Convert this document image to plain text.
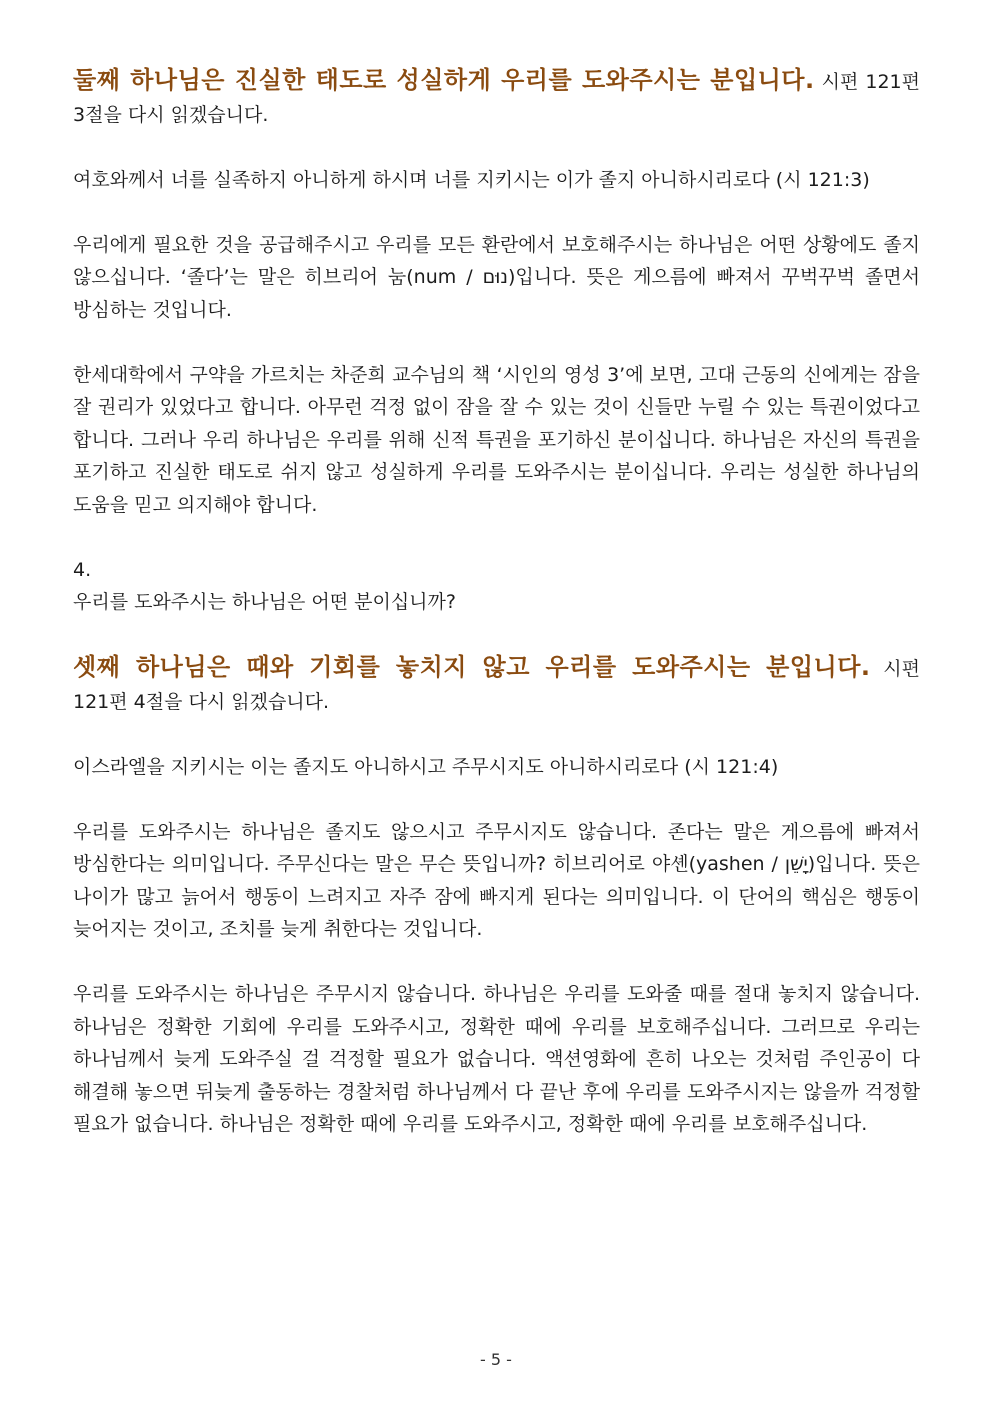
둘째 하나님은 진실한 태도로 성실하게 우리를 도와주시는 분입니다. 시편 121편 3절을 다시 읽겠습니다.

여호와께서 너를 실족하지 아니하게 하시며 너를 지키시는 이가 졸지 아니하시리로다 (시 121:3)

우리에게 필요한 것을 공급해주시고 우리를 모든 환란에서 보호해주시는 하나님은 어떤 상황에도 졸지 않으십니다. ‘졸다’는 말은 히브리어 눔(num / נוּם)입니다. 뜻은 게으름에 빠져서 꾸벅꾸벅 졸면서 방심하는 것입니다.

한세대학에서 구약을 가르치는 차준희 교수님의 책 ‘시인의 영성 3’에 보면, 고대 근동의 신에게는 잠을 잘 권리가 있었다고 합니다. 아무런 걱정 없이 잠을 잘 수 있는 것이 신들만 누릴 수 있는 특권이었다고 합니다. 그러나 우리 하나님은 우리를 위해 신적 특권을 포기하신 분이십니다. 하나님은 자신의 특권을 포기하고 진실한 태도로 쉬지 않고 성실하게 우리를 도와주시는 분이십니다. 우리는 성실한 하나님의 도움을 믿고 의지해야 합니다.

4.

우리를 도와주시는 하나님은 어떤 분이십니까?

셋째 하나님은 때와 기회를 놓치지 않고 우리를 도와주시는 분입니다. 시편 121편 4절을 다시 읽겠습니다.

이스라엘을 지키시는 이는 졸지도 아니하시고 주무시지도 아니하시리로다 (시 121:4)

우리를 도와주시는 하나님은 졸지도 않으시고 주무시지도 않습니다. 존다는 말은 게으름에 빠져서 방심한다는 의미입니다. 주무신다는 말은 무슨 뜻입니까? 히브리어로 야셴(yashen / יָשֵׁן)입니다. 뜻은 나이가 많고 늙어서 행동이 느려지고 자주 잠에 빠지게 된다는 의미입니다. 이 단어의 핵심은 행동이 늦어지는 것이고, 조치를 늦게 취한다는 것입니다.

우리를 도와주시는 하나님은 주무시지 않습니다. 하나님은 우리를 도와줄 때를 절대 놓치지 않습니다. 하나님은 정확한 기회에 우리를 도와주시고, 정확한 때에 우리를 보호해주십니다. 그러므로 우리는 하나님께서 늦게 도와주실 걸 걱정할 필요가 없습니다. 액션영화에 흔히 나오는 것처럼 주인공이 다 해결해 놓으면 뒤늦게 출동하는 경찰처럼 하나님께서 다 끝난 후에 우리를 도와주시지는 않을까 걱정할 필요가 없습니다. 하나님은 정확한 때에 우리를 도와주시고, 정확한 때에 우리를 보호해주십니다.

- 5 -
